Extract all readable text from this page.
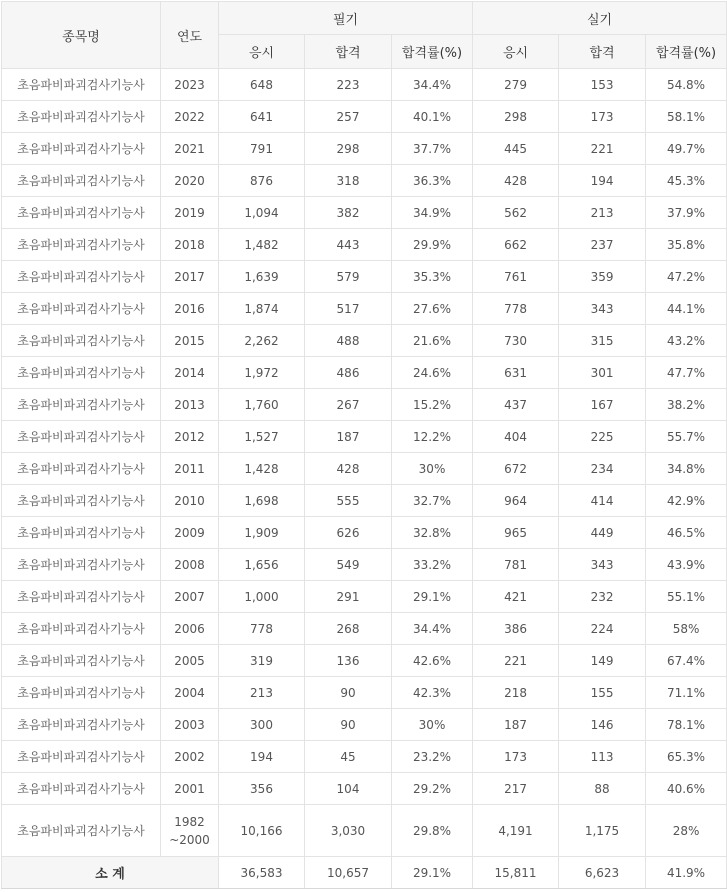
종목명	연도	필기			실기		
		응시	합격	합격률(%)	응시	합격	합격률(%)
초음파비파괴검사기능사	2023	648	223	34.4%	279	153	54.8%
초음파비파괴검사기능사	2022	641	257	40.1%	298	173	58.1%
초음파비파괴검사기능사	2021	791	298	37.7%	445	221	49.7%
초음파비파괴검사기능사	2020	876	318	36.3%	428	194	45.3%
초음파비파괴검사기능사	2019	1,094	382	34.9%	562	213	37.9%
초음파비파괴검사기능사	2018	1,482	443	29.9%	662	237	35.8%
초음파비파괴검사기능사	2017	1,639	579	35.3%	761	359	47.2%
초음파비파괴검사기능사	2016	1,874	517	27.6%	778	343	44.1%
초음파비파괴검사기능사	2015	2,262	488	21.6%	730	315	43.2%
초음파비파괴검사기능사	2014	1,972	486	24.6%	631	301	47.7%
초음파비파괴검사기능사	2013	1,760	267	15.2%	437	167	38.2%
초음파비파괴검사기능사	2012	1,527	187	12.2%	404	225	55.7%
초음파비파괴검사기능사	2011	1,428	428	30%	672	234	34.8%
초음파비파괴검사기능사	2010	1,698	555	32.7%	964	414	42.9%
초음파비파괴검사기능사	2009	1,909	626	32.8%	965	449	46.5%
초음파비파괴검사기능사	2008	1,656	549	33.2%	781	343	43.9%
초음파비파괴검사기능사	2007	1,000	291	29.1%	421	232	55.1%
초음파비파괴검사기능사	2006	778	268	34.4%	386	224	58%
초음파비파괴검사기능사	2005	319	136	42.6%	221	149	67.4%
초음파비파괴검사기능사	2004	213	90	42.3%	218	155	71.1%
초음파비파괴검사기능사	2003	300	90	30%	187	146	78.1%
초음파비파괴검사기능사	2002	194	45	23.2%	173	113	65.3%
초음파비파괴검사기능사	2001	356	104	29.2%	217	88	40.6%
초음파비파괴검사기능사	1982
~2000	10,166	3,030	29.8%	4,191	1,175	28%
소 계		36,583	10,657	29.1%	15,811	6,623	41.9%
